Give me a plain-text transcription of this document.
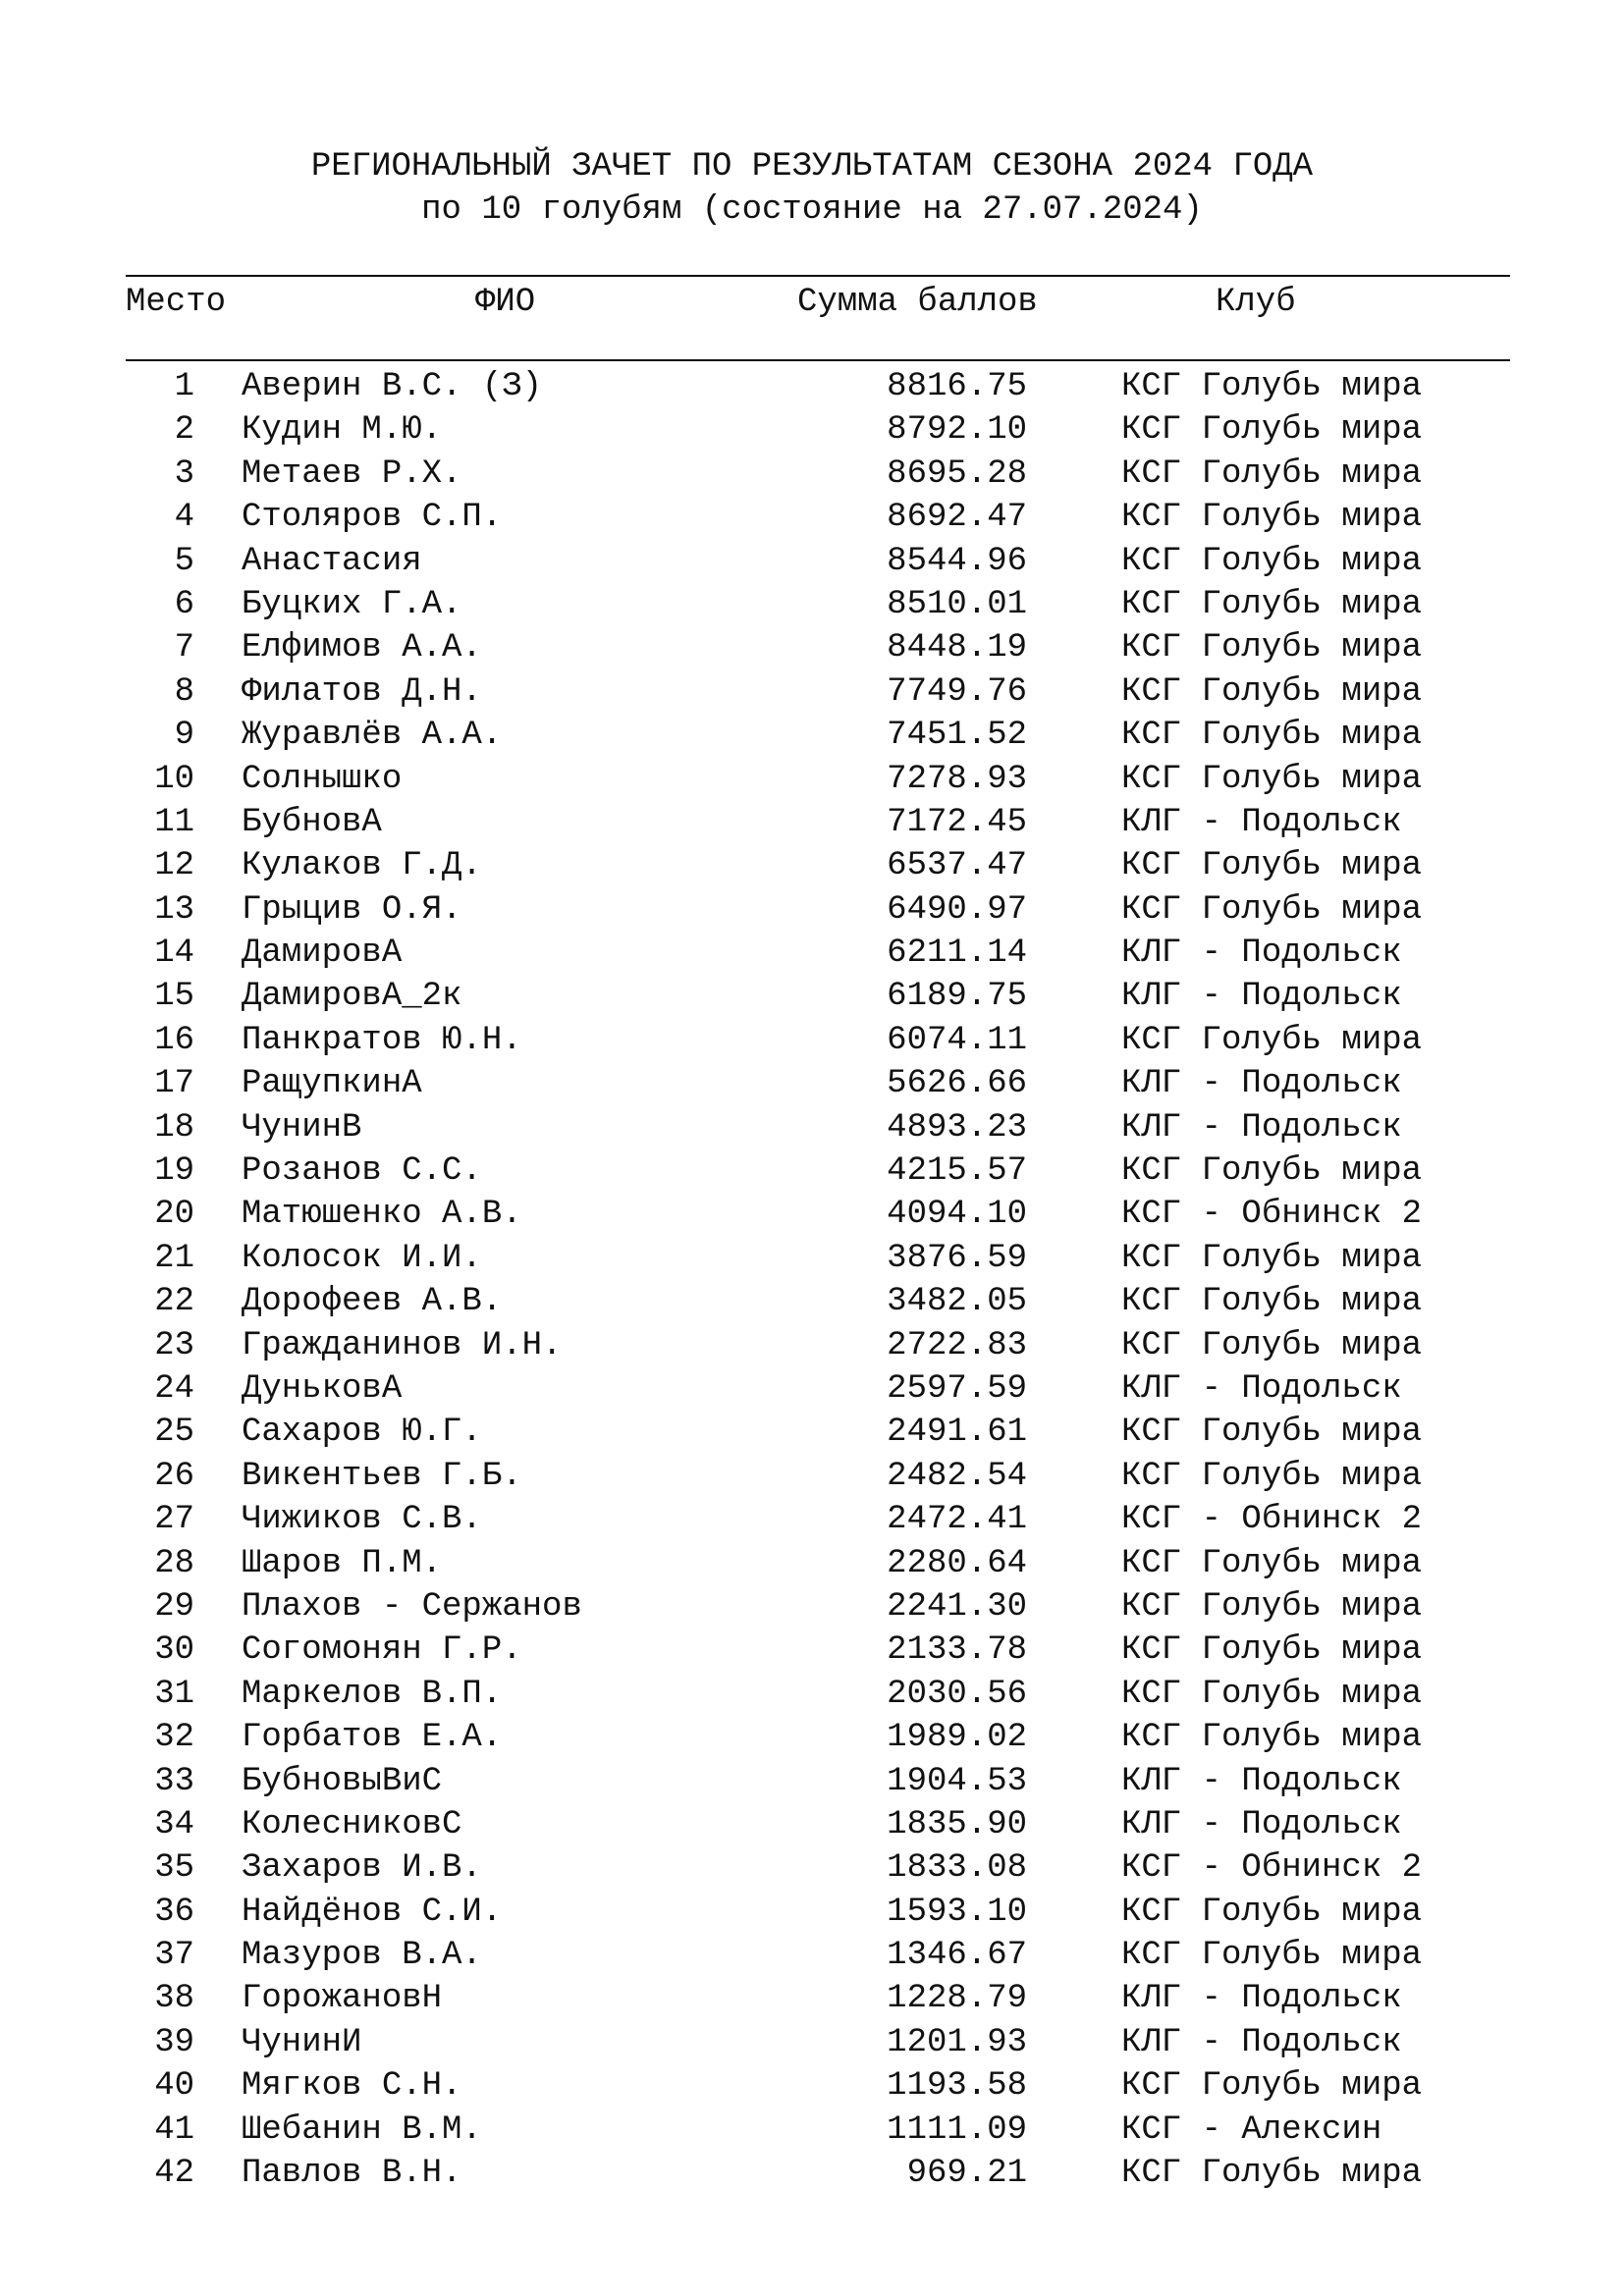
РЕГИОНАЛЬНЫЙ ЗАЧЕТ ПО РЕЗУЛЬТАТАМ СЕЗОНА 2024 ГОДА
по 10 голубям (состояние на 27.07.2024)
Место	ФИО	Сумма баллов	Клуб
1 Аверин В.С. (З)	8816.75	КСГ Голубь мира
2 Кудин М.Ю.	8792.10	КСГ Голубь мира
3 Метаев Р.Х.	8695.28	КСГ Голубь мира
4 Столяров С.П.	8692.47	КСГ Голубь мира
5 Анастасия	8544.96	КСГ Голубь мира
6 Буцких Г.А.	8510.01	КСГ Голубь мира
7 Елфимов А.А.	8448.19	КСГ Голубь мира
8 Филатов Д.Н.	7749.76	КСГ Голубь мира
9 Журавлёв А.А.	7451.52	КСГ Голубь мира
10 Солнышко	7278.93	КСГ Голубь мира
11 БубновА	7172.45	КЛГ - Подольск
12 Кулаков Г.Д.	6537.47	КСГ Голубь мира
13 Грыцив О.Я.	6490.97	КСГ Голубь мира
14 ДамировА	6211.14	КЛГ - Подольск
15 ДамировА_2к	6189.75	КЛГ - Подольск
16 Панкратов Ю.Н.	6074.11	КСГ Голубь мира
17 РащупкинА	5626.66	КЛГ - Подольск
18 ЧунинВ	4893.23	КЛГ - Подольск
19 Розанов С.С.	4215.57	КСГ Голубь мира
20 Матюшенко А.В.	4094.10	КСГ - Обнинск 2
21 Колосок И.И.	3876.59	КСГ Голубь мира
22 Дорофеев А.В.	3482.05	КСГ Голубь мира
23 Гражданинов И.Н.	2722.83	КСГ Голубь мира
24 ДуньковА	2597.59	КЛГ - Подольск
25 Сахаров Ю.Г.	2491.61	КСГ Голубь мира
26 Викентьев Г.Б.	2482.54	КСГ Голубь мира
27 Чижиков С.В.	2472.41	КСГ - Обнинск 2
28 Шаров П.М.	2280.64	КСГ Голубь мира
29 Плахов - Сержанов	2241.30	КСГ Голубь мира
30 Согомонян Г.Р.	2133.78	КСГ Голубь мира
31 Маркелов В.П.	2030.56	КСГ Голубь мира
32 Горбатов Е.А.	1989.02	КСГ Голубь мира
33 БубновыВиС	1904.53	КЛГ - Подольск
34 КолесниковС	1835.90	КЛГ - Подольск
35 Захаров И.В.	1833.08	КСГ - Обнинск 2
36 Найдёнов С.И.	1593.10	КСГ Голубь мира
37 Мазуров В.А.	1346.67	КСГ Голубь мира
38 ГорожановН	1228.79	КЛГ - Подольск
39 ЧунинИ	1201.93	КЛГ - Подольск
40 Мягков С.Н.	1193.58	КСГ Голубь мира
41 Шебанин В.М.	1111.09	КСГ - Алексин
42 Павлов В.Н.	969.21	КСГ Голубь мира
